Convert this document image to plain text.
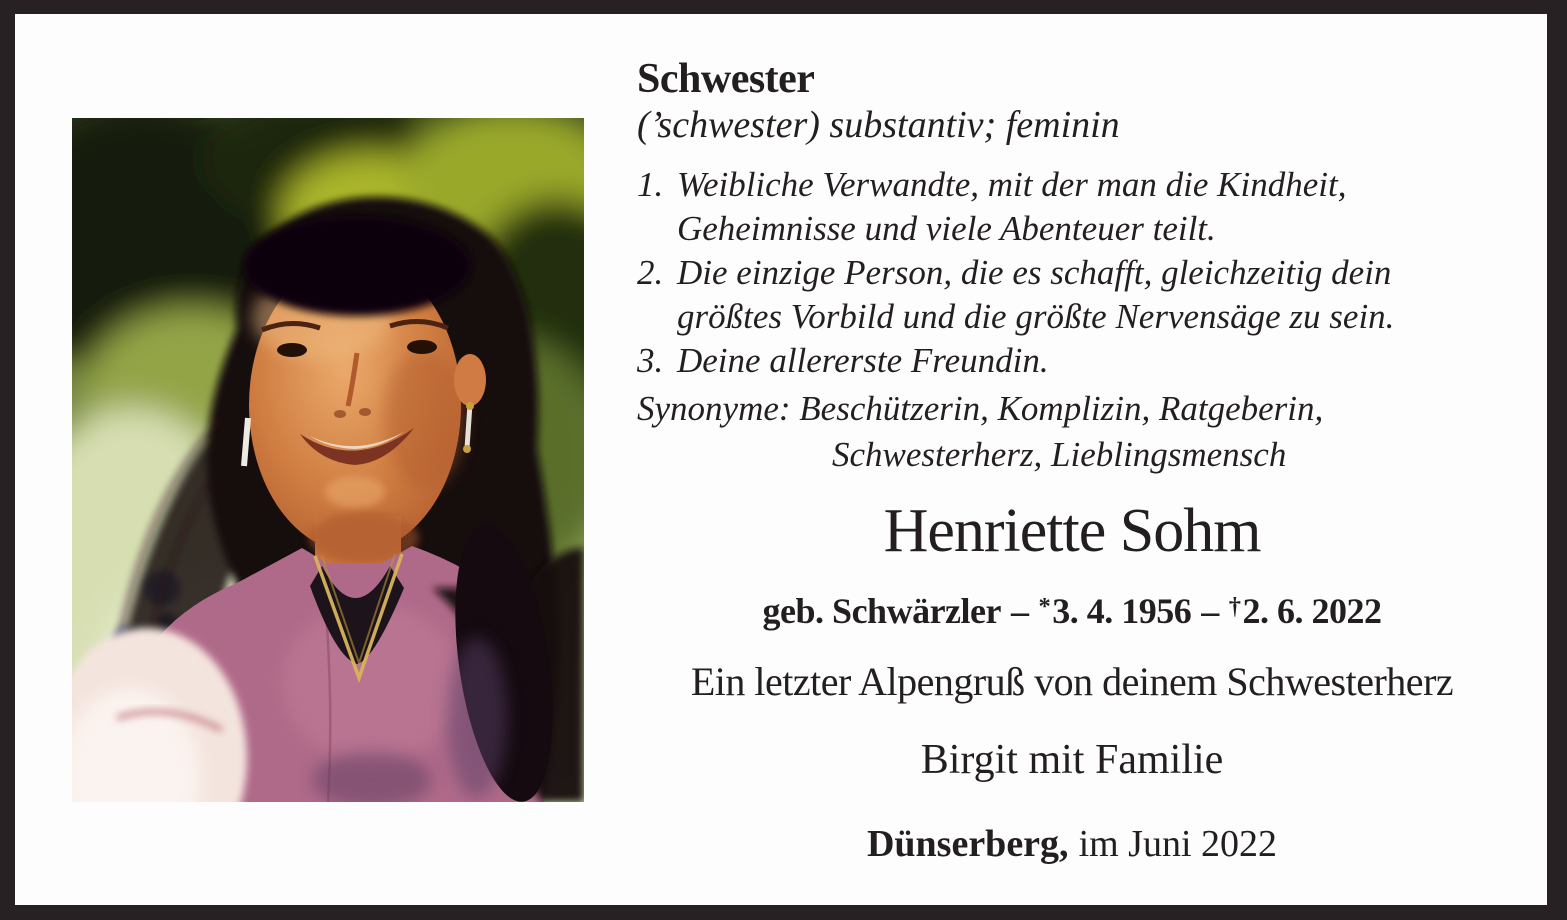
Schwester
(’schwester) substantiv; feminin
1. Weibliche Verwandte, mit der man die Kindheit,
Geheimnisse und viele Abenteuer teilt.
2. Die einzige Person, die es schafft, gleichzeitig dein
größtes Vorbild und die größte Nervensäge zu sein.
3. Deine allererste Freundin.
Synonyme: Beschützerin, Komplizin, Ratgeberin,
Schwesterherz, Lieblingsmensch
Henriette Sohm
geb. Schwärzler – *3. 4. 1956 – †2. 6. 2022
Ein letzter Alpengruß von deinem Schwesterherz
Birgit mit Familie
Dünserberg, im Juni 2022
